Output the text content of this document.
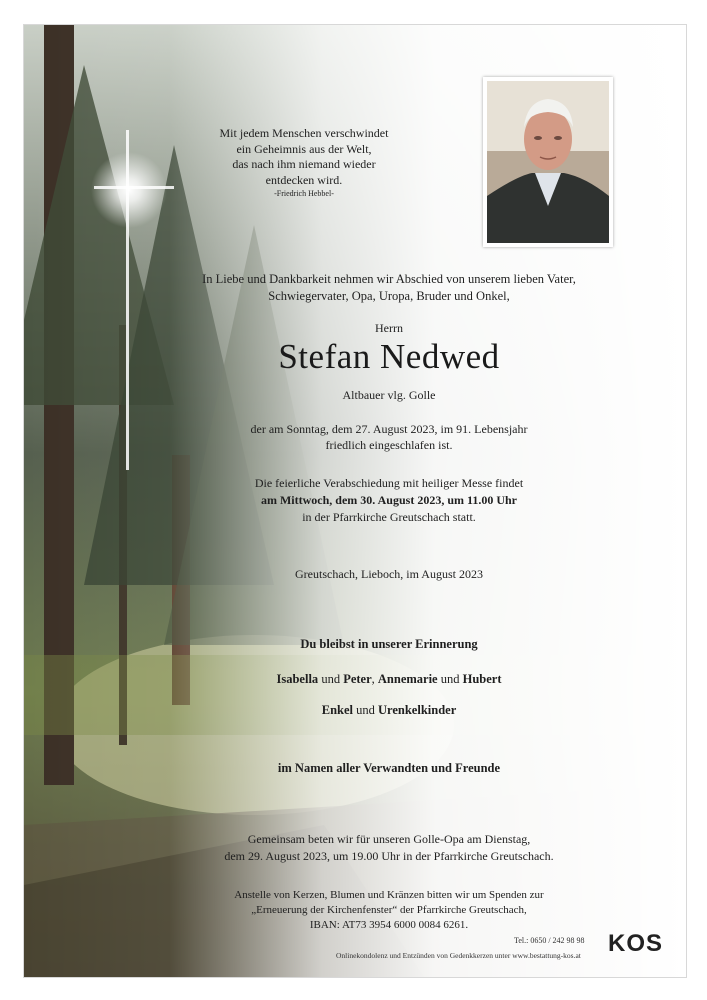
Mit jedem Menschen verschwindet
ein Geheimnis aus der Welt,
das nach ihm niemand wieder
entdecken wird.
-Friedrich Hebbel-
In Liebe und Dankbarkeit nehmen wir Abschied von unserem lieben Vater,
Schwiegervater, Opa, Uropa, Bruder und Onkel,
Herrn
Stefan Nedwed
Altbauer vlg. Golle
der am Sonntag, dem 27. August 2023, im 91. Lebensjahr
friedlich eingeschlafen ist.
Die feierliche Verabschiedung mit heiliger Messe findet
am Mittwoch, dem 30. August 2023, um 11.00 Uhr
in der Pfarrkirche Greutschach statt.
Greutschach, Lieboch, im August 2023
Du bleibst in unserer Erinnerung
Isabella und Peter, Annemarie und Hubert
Enkel und Urenkelkinder
im Namen aller Verwandten und Freunde
Gemeinsam beten wir für unseren Golle-Opa am Dienstag,
dem 29. August 2023, um 19.00 Uhr in der Pfarrkirche Greutschach.
Anstelle von Kerzen, Blumen und Kränzen bitten wir um Spenden zur
„Erneuerung der Kirchenfenster“ der Pfarrkirche Greutschach,
IBAN: AT73 3954 6000 0084 6261.
Tel.: 0650 / 242 98 98
Onlinekondolenz und Entzünden von Gedenkkerzen unter www.bestattung-kos.at KOS
